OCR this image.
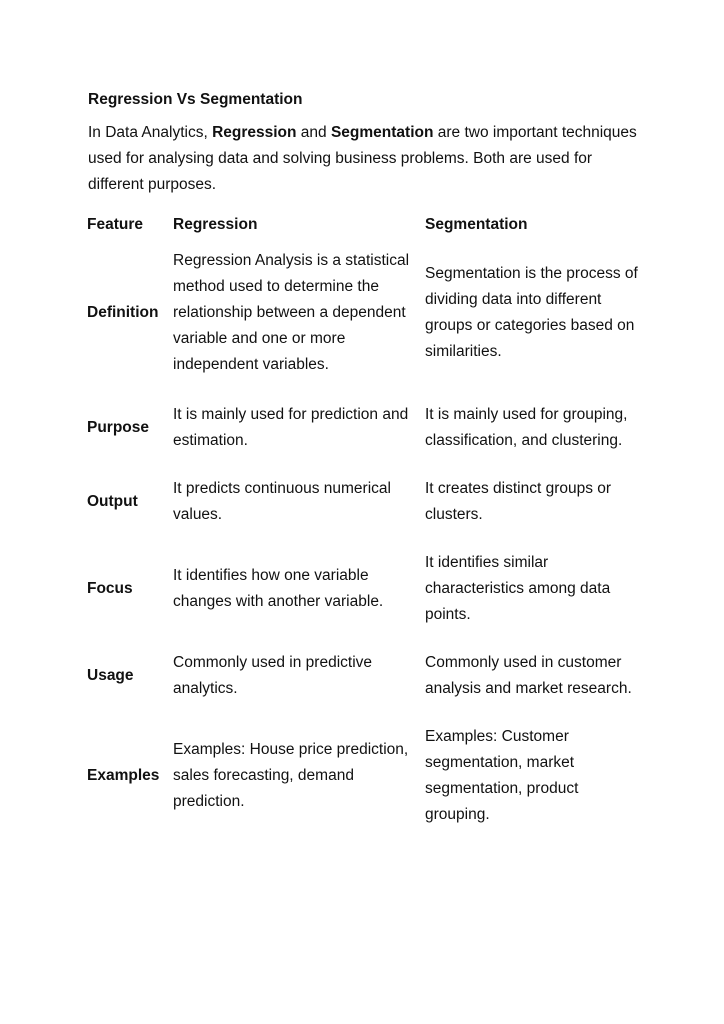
Regression Vs Segmentation

In Data Analytics, Regression and Segmentation are two important techniques used for analysing data and solving business problems. Both are used for different purposes.

Feature	Regression	Segmentation
Definition	Regression Analysis is a statistical method used to determine the relationship between a dependent variable and one or more independent variables.	Segmentation is the process of dividing data into different groups or categories based on similarities.
Purpose	It is mainly used for prediction and estimation.	It is mainly used for grouping, classification, and clustering.
Output	It predicts continuous numerical values.	It creates distinct groups or clusters.
Focus	It identifies how one variable changes with another variable.	It identifies similar characteristics among data points.
Usage	Commonly used in predictive analytics.	Commonly used in customer analysis and market research.
Examples	Examples: House price prediction, sales forecasting, demand prediction.	Examples: Customer segmentation, market segmentation, product grouping.
